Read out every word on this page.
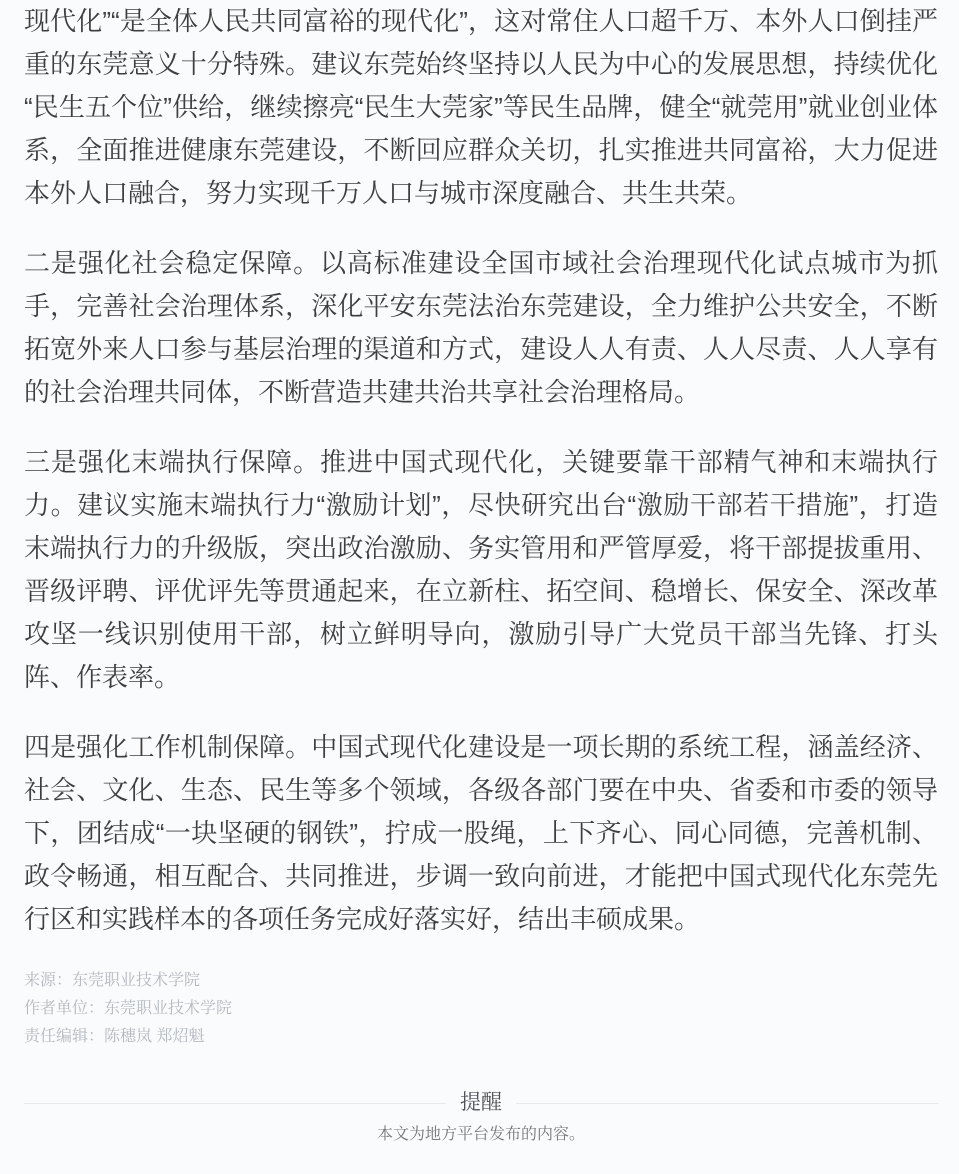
现代化”“是全体人民共同富裕的现代化”，这对常住人口超千万、本外人口倒挂严重的东莞意义十分特殊。建议东莞始终坚持以人民为中心的发展思想，持续优化“民生五个位”供给，继续擦亮“民生大莞家”等民生品牌，健全“就莞用”就业创业体系，全面推进健康东莞建设，不断回应群众关切，扎实推进共同富裕，大力促进本外人口融合，努力实现千万人口与城市深度融合、共生共荣。

二是强化社会稳定保障。以高标准建设全国市域社会治理现代化试点城市为抓手，完善社会治理体系，深化平安东莞法治东莞建设，全力维护公共安全，不断拓宽外来人口参与基层治理的渠道和方式，建设人人有责、人人尽责、人人享有的社会治理共同体，不断营造共建共治共享社会治理格局。

三是强化末端执行保障。推进中国式现代化，关键要靠干部精气神和末端执行力。建议实施末端执行力“激励计划”，尽快研究出台“激励干部若干措施”，打造末端执行力的升级版，突出政治激励、务实管用和严管厚爱，将干部提拔重用、晋级评聘、评优评先等贯通起来，在立新柱、拓空间、稳增长、保安全、深改革攻坚一线识别使用干部，树立鲜明导向，激励引导广大党员干部当先锋、打头阵、作表率。

四是强化工作机制保障。中国式现代化建设是一项长期的系统工程，涵盖经济、社会、文化、生态、民生等多个领域，各级各部门要在中央、省委和市委的领导下，团结成“一块坚硬的钢铁”，拧成一股绳，上下齐心、同心同德，完善机制、政令畅通，相互配合、共同推进，步调一致向前进，才能把中国式现代化东莞先行区和实践样本的各项任务完成好落实好，结出丰硕成果。

来源：东莞职业技术学院
作者单位：东莞职业技术学院
责任编辑：陈穗岚 郑炤魁
提醒
本文为地方平台发布的内容。
